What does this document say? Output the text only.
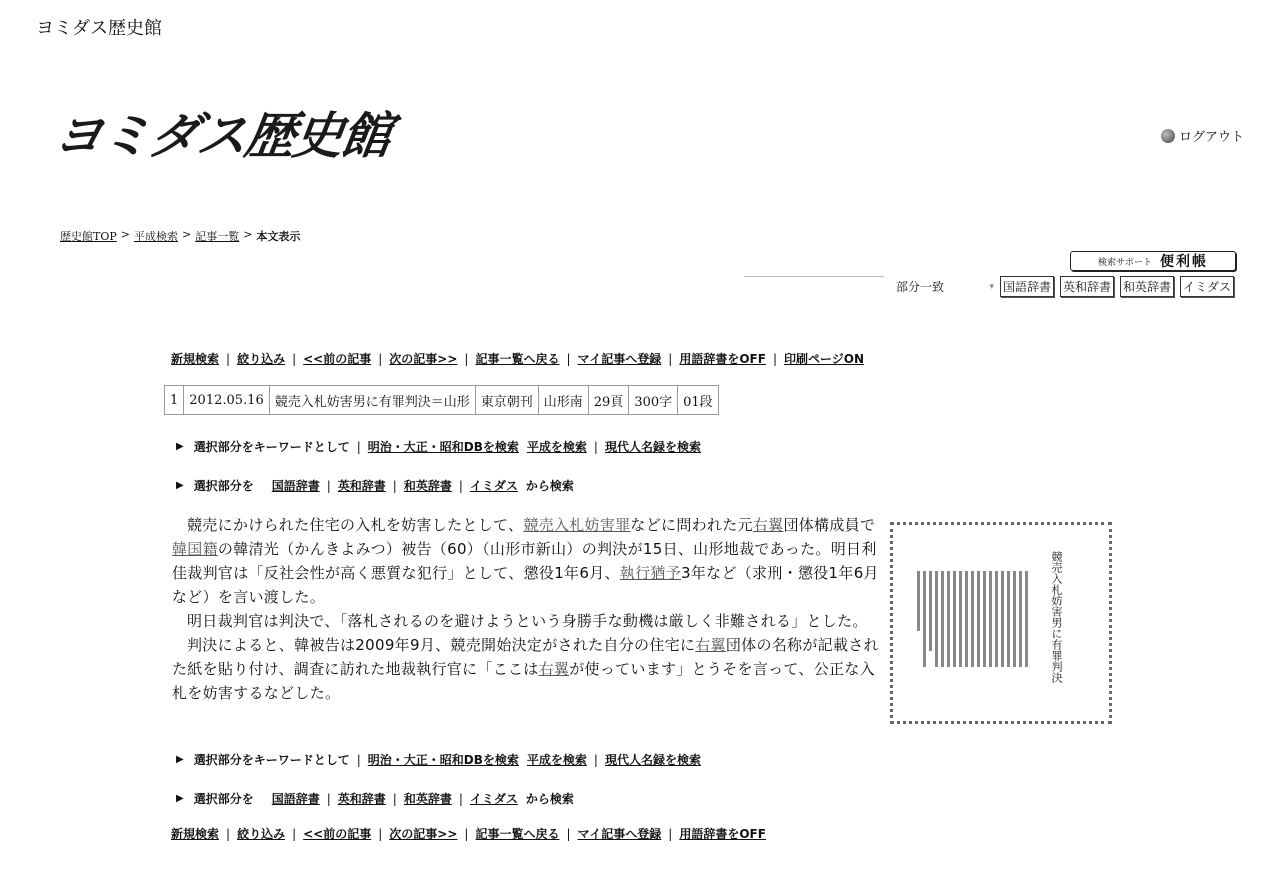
ヨミダス歴史館
ヨミダス歴史館	ログアウト
歴史館TOP > 平成検索 > 記事一覧 > 本文表示
検索サポート 便利帳
部分一致	▾ 国語辞書 英和辞書 和英辞書 イミダス
新規検索 | 絞り込み | <<前の記事 | 次の記事>> | 記事一覧へ戻る | マイ記事へ登録 | 用語辞書をOFF | 印刷ページON
1	2012.05.16	競売入札妨害男に有罪判決＝山形	東京朝刊	山形南	29頁	300字	01段
▶ 選択部分をキーワードとして | 明治・大正・昭和DBを検索 平成を検索 | 現代人名録を検索
▶ 選択部分を 国語辞書 | 英和辞書 | 和英辞書 | イミダス から検索

競売にかけられた住宅の入札を妨害したとして、競売入札妨害罪などに問われた元右翼団体構成員で韓国籍の韓清光（かんきよみつ）被告（60）（山形市新山）の判決が15日、山形地裁であった。明日利佳裁判官は「反社会性が高く悪質な犯行」として、懲役1年6月、執行猶予3年など（求刑・懲役1年6月など）を言い渡した。

明日裁判官は判決で、「落札されるのを避けようという身勝手な動機は厳しく非難される」とした。

判決によると、韓被告は2009年9月、競売開始決定がされた自分の住宅に右翼団体の名称が記載された紙を貼り付け、調査に訪れた地裁執行官に「ここは右翼が使っています」とうそを言って、公正な入札を妨害するなどした。

競売入札妨害男に有罪判決
▶ 選択部分をキーワードとして | 明治・大正・昭和DBを検索 平成を検索 | 現代人名録を検索
▶ 選択部分を 国語辞書 | 英和辞書 | 和英辞書 | イミダス から検索
新規検索 | 絞り込み | <<前の記事 | 次の記事>> | 記事一覧へ戻る | マイ記事へ登録 | 用語辞書をOFF
